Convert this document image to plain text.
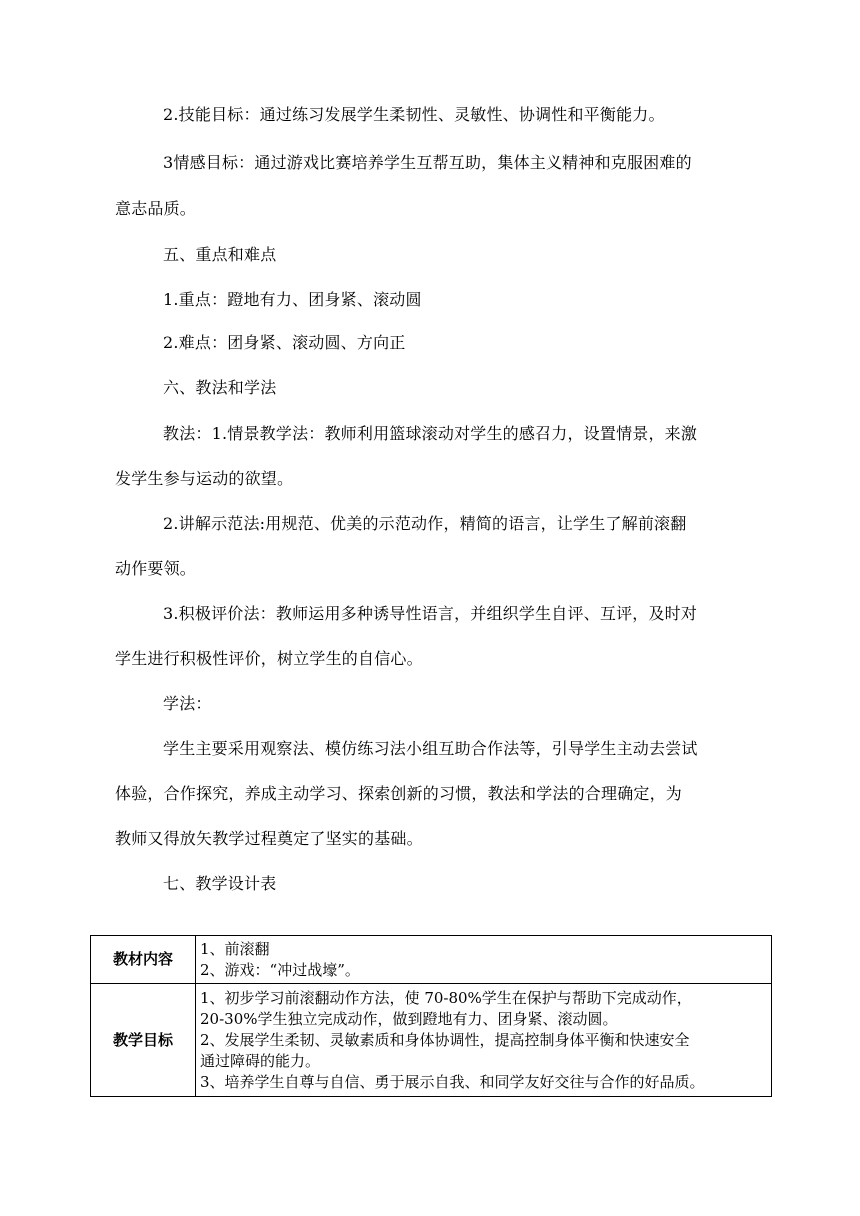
2.技能目标：通过练习发展学生柔韧性、灵敏性、协调性和平衡能力。
3情感目标：通过游戏比赛培养学生互帮互助，集体主义精神和克服困难的
意志品质。
五、重点和难点
1.重点：蹬地有力、团身紧、滚动圆
2.难点：团身紧、滚动圆、方向正
六、教法和学法
教法：1.情景教学法：教师利用篮球滚动对学生的感召力，设置情景，来激
发学生参与运动的欲望。
2.讲解示范法:用规范、优美的示范动作，精简的语言，让学生了解前滚翻
动作要领。
3.积极评价法：教师运用多种诱导性语言，并组织学生自评、互评，及时对
学生进行积极性评价，树立学生的自信心。
学法：
学生主要采用观察法、模仿练习法小组互助合作法等，引导学生主动去尝试
体验，合作探究，养成主动学习、探索创新的习惯，教法和学法的合理确定，为
教师又得放矢教学过程奠定了坚实的基础。
七、教学设计表
教材内容	1、前滚翻
2、游戏：“冲过战壕”。

教学目标	1、初步学习前滚翻动作方法，使 70-80%学生在保护与帮助下完成动作，
20-30%学生独立完成动作，做到蹬地有力、团身紧、滚动圆。
2、发展学生柔韧、灵敏素质和身体协调性，提高控制身体平衡和快速安全
通过障碍的能力。
3、培养学生自尊与自信、勇于展示自我、和同学友好交往与合作的好品质。
